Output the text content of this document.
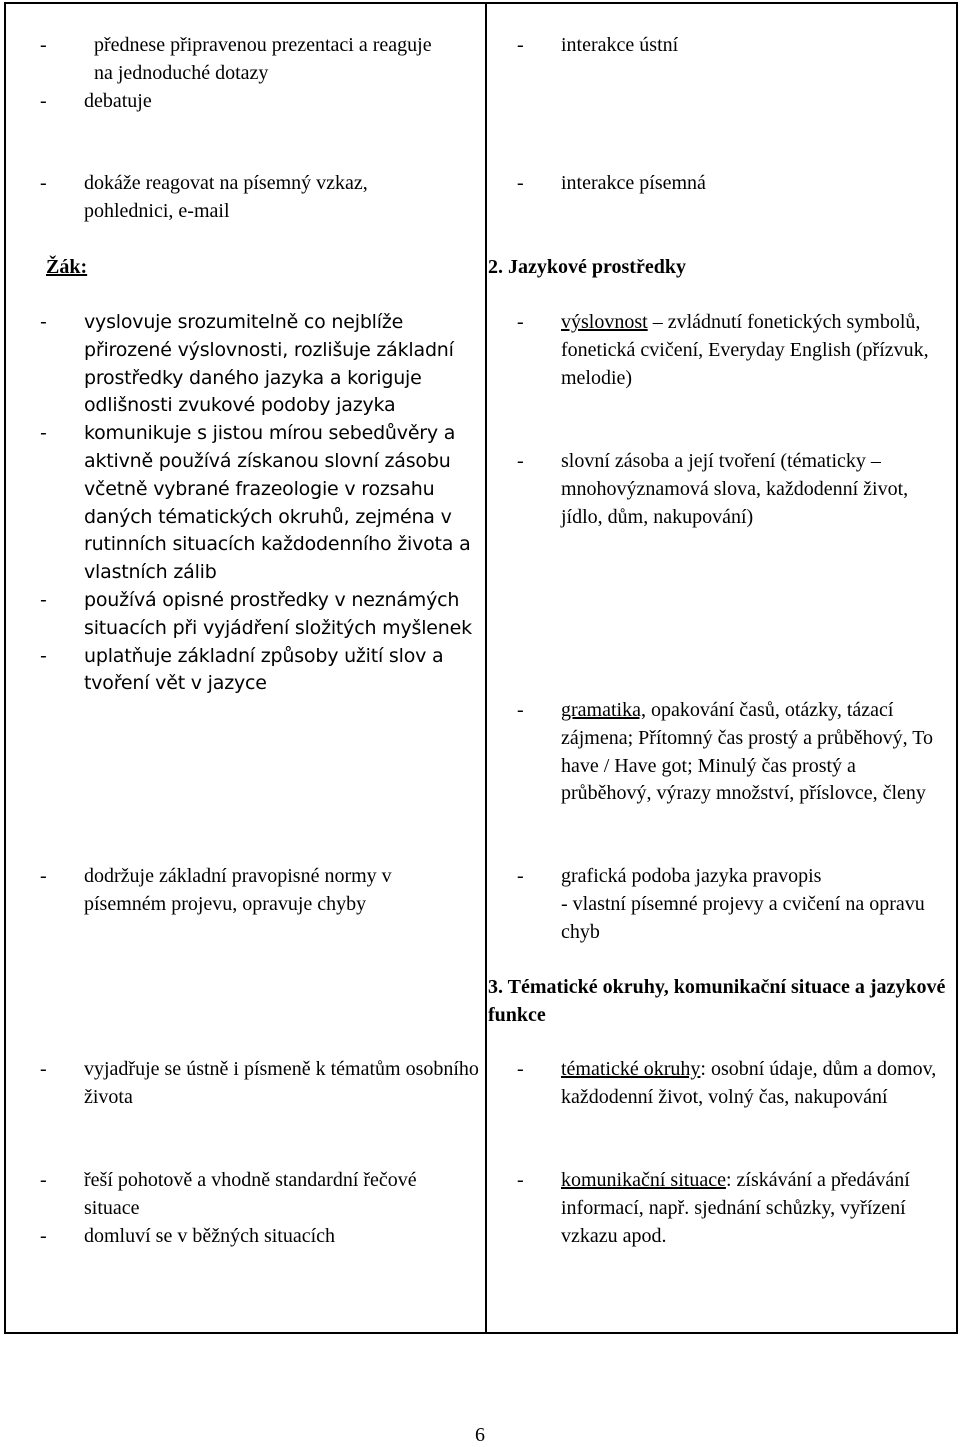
- přednese připravenou prezentaci a reaguje na jednoduché dotazy
- debatuje
- dokáže reagovat na písemný vzkaz, pohlednici, e-mail
Žák:
- vyslovuje srozumitelně co nejblíže přirozené výslovnosti, rozlišuje základní prostředky daného jazyka a koriguje odlišnosti zvukové podoby jazyka
- komunikuje s jistou mírou sebedůvěry a aktivně používá získanou slovní zásobu včetně vybrané frazeologie v rozsahu daných tématických okruhů, zejména v rutinních situacích každodenního života a vlastních zálib
- používá opisné prostředky v neznámých situacích při vyjádření složitých myšlenek
- uplatňuje základní způsoby užití slov a tvoření vět v jazyce
- dodržuje základní pravopisné normy v písemném projevu, opravuje chyby
- vyjadřuje se ústně i písmeně k tématům osobního života
- řeší pohotově a vhodně standardní řečové situace
- domluví se v běžných situacích
- interakce ústní
- interakce písemná
2. Jazykové prostředky
- výslovnost – zvládnutí fonetických symbolů, fonetická cvičení, Everyday English (přízvuk, melodie)
- slovní zásoba a její tvoření (tématicky – mnohovýznamová slova, každodenní život, jídlo, dům, nakupování)
- gramatika, opakování časů, otázky, tázací zájmena; Přítomný čas prostý a průběhový, To have / Have got; Minulý čas prostý a průběhový, výrazy množství, příslovce, členy
- grafická podoba jazyka pravopis
- vlastní písemné projevy a cvičení na opravu chyb
3. Tématické okruhy, komunikační situace a jazykové funkce
- tématické okruhy: osobní údaje, dům a domov, každodenní život, volný čas, nakupování
- komunikační situace: získávání a předávání informací, např. sjednání schůzky, vyřízení vzkazu apod.
6
